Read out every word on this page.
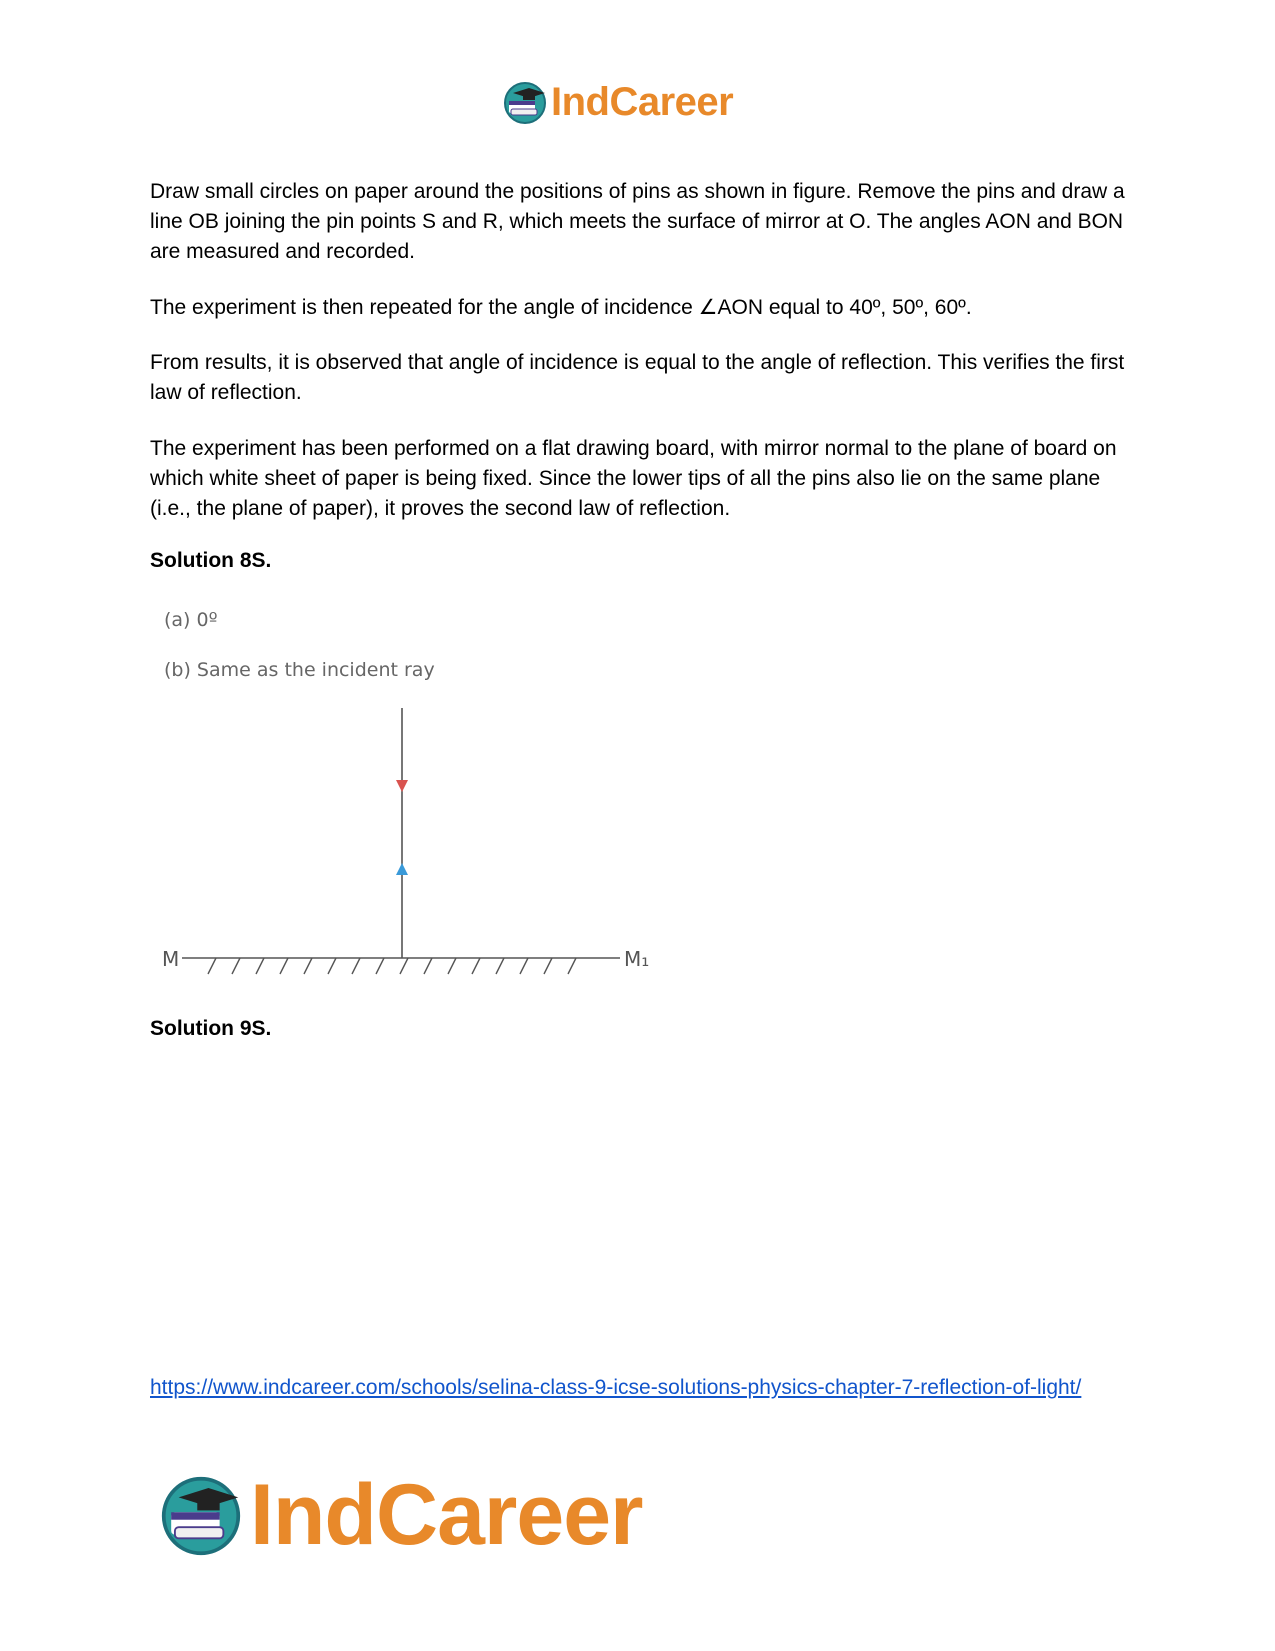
IndCareer

Draw small circles on paper around the positions of pins as shown in figure. Remove the pins and draw a line OB joining the pin points S and R, which meets the surface of mirror at O. The angles AON and BON are measured and recorded.

The experiment is then repeated for the angle of incidence ∠AON equal to 40º, 50º, 60º.

From results, it is observed that angle of incidence is equal to the angle of reflection. This verifies the first law of reflection.

The experiment has been performed on a flat drawing board, with mirror normal to the plane of board on which white sheet of paper is being fixed. Since the lower tips of all the pins also lie on the same plane (i.e., the plane of paper), it proves the second law of reflection.

Solution 8S.

(a) 0º

(b) Same as the incident ray

M	M₁

Solution 9S.

https://www.indcareer.com/schools/selina-class-9-icse-solutions-physics-chapter-7-reflection-of-light/
IndCareer
